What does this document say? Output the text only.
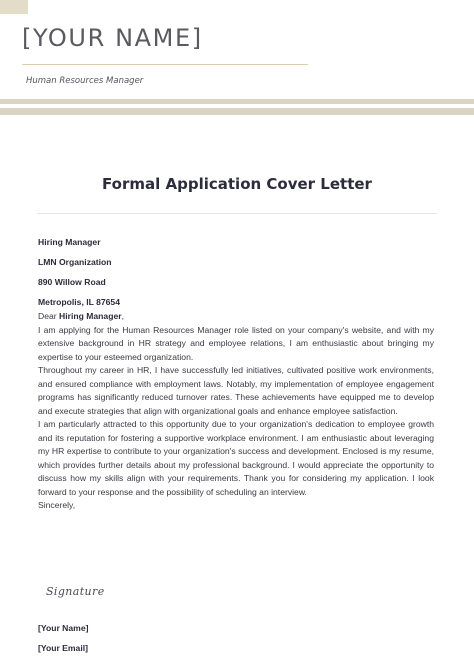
[YOUR NAME]
Human Resources Manager
Formal Application Cover Letter
Hiring Manager
LMN Organization
890 Willow Road
Metropolis, IL 87654

Dear Hiring Manager,

I am applying for the Human Resources Manager role listed on your company's website, and with my extensive background in HR strategy and employee relations, I am enthusiastic about bringing my expertise to your esteemed organization.

Throughout my career in HR, I have successfully led initiatives, cultivated positive work environments, and ensured compliance with employment laws. Notably, my implementation of employee engagement programs has significantly reduced turnover rates. These achievements have equipped me to develop and execute strategies that align with organizational goals and enhance employee satisfaction.

I am particularly attracted to this opportunity due to your organization's dedication to employee growth and its reputation for fostering a supportive workplace environment. I am enthusiastic about leveraging my HR expertise to contribute to your organization's success and development. Enclosed is my resume, which provides further details about my professional background. I would appreciate the opportunity to discuss how my skills align with your requirements. Thank you for considering my application. I look forward to your response and the possibility of scheduling an interview.

Sincerely,

Signature
[Your Name]
[Your Email]
